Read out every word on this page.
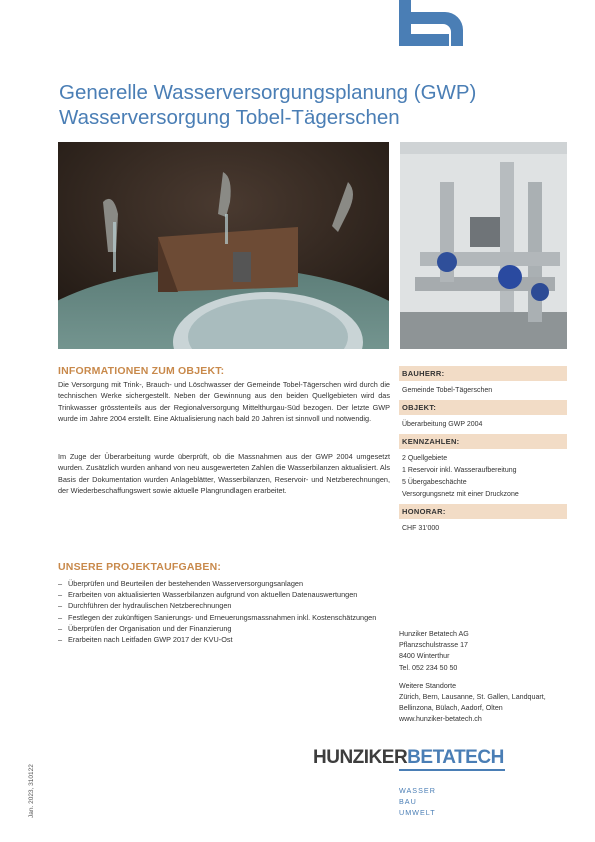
Generelle Wasserversorgungsplanung (GWP)
Wasserversorgung Tobel-Tägerschen
INFORMATIONEN ZUM OBJEKT:
Die Versorgung mit Trink-, Brauch- und Löschwasser der Gemeinde Tobel-Tägerschen wird durch die technischen Werke sichergestellt. Neben der Gewinnung aus den beiden Quellgebieten wird das Trinkwasser grösstenteils aus der Regionalversorgung Mittelthurgau-Süd bezogen. Der letzte GWP wurde im Jahre 2004 erstellt. Eine Aktualisierung nach bald 20 Jahren ist sinnvoll und notwendig.
Im Zuge der Überarbeitung wurde überprüft, ob die Massnahmen aus der GWP 2004 umgesetzt wurden. Zusätzlich wurden anhand von neu ausgewerteten Zahlen die Wasserbilanzen aktualisiert. Als Basis der Dokumentation wurden Anlageblätter, Wasserbilanzen, Reservoir- und Netzberechnungen, der Wiederbeschaffungswert sowie aktuelle Plangrundlagen erarbeitet.
BAUHERR:
Gemeinde Tobel-Tägerschen
OBJEKT:
Überarbeitung GWP 2004
KENNZAHLEN:
2 Quellgebiete
1 Reservoir inkl. Wasseraufbereitung
5 Übergabeschächte
Versorgungsnetz mit einer Druckzone
HONORAR:
CHF 31'000
UNSERE PROJEKTAUFGABEN:
– Überprüfen und Beurteilen der bestehenden Wasserversorgungsanlagen
– Erarbeiten von aktualisierten Wasserbilanzen aufgrund von aktuellen Datenauswertungen
– Durchführen der hydraulischen Netzberechnungen
– Festlegen der zukünftigen Sanierungs- und Erneuerungsmassnahmen inkl. Kostenschätzungen
– Überprüfen der Organisation und der Finanzierung
– Erarbeiten nach Leitfaden GWP 2017 der KVU-Ost
Hunziker Betatech AG
Pflanzschulstrasse 17
8400 Winterthur
Tel. 052 234 50 50
Weitere Standorte
Zürich, Bern, Lausanne, St. Gallen, Landquart,
Bellinzona, Bülach, Aadorf, Olten
www.hunziker-betatech.ch
HUNZIKERBETATECH
WASSER
BAU
UMWELT
Jan. 2023, 310122
